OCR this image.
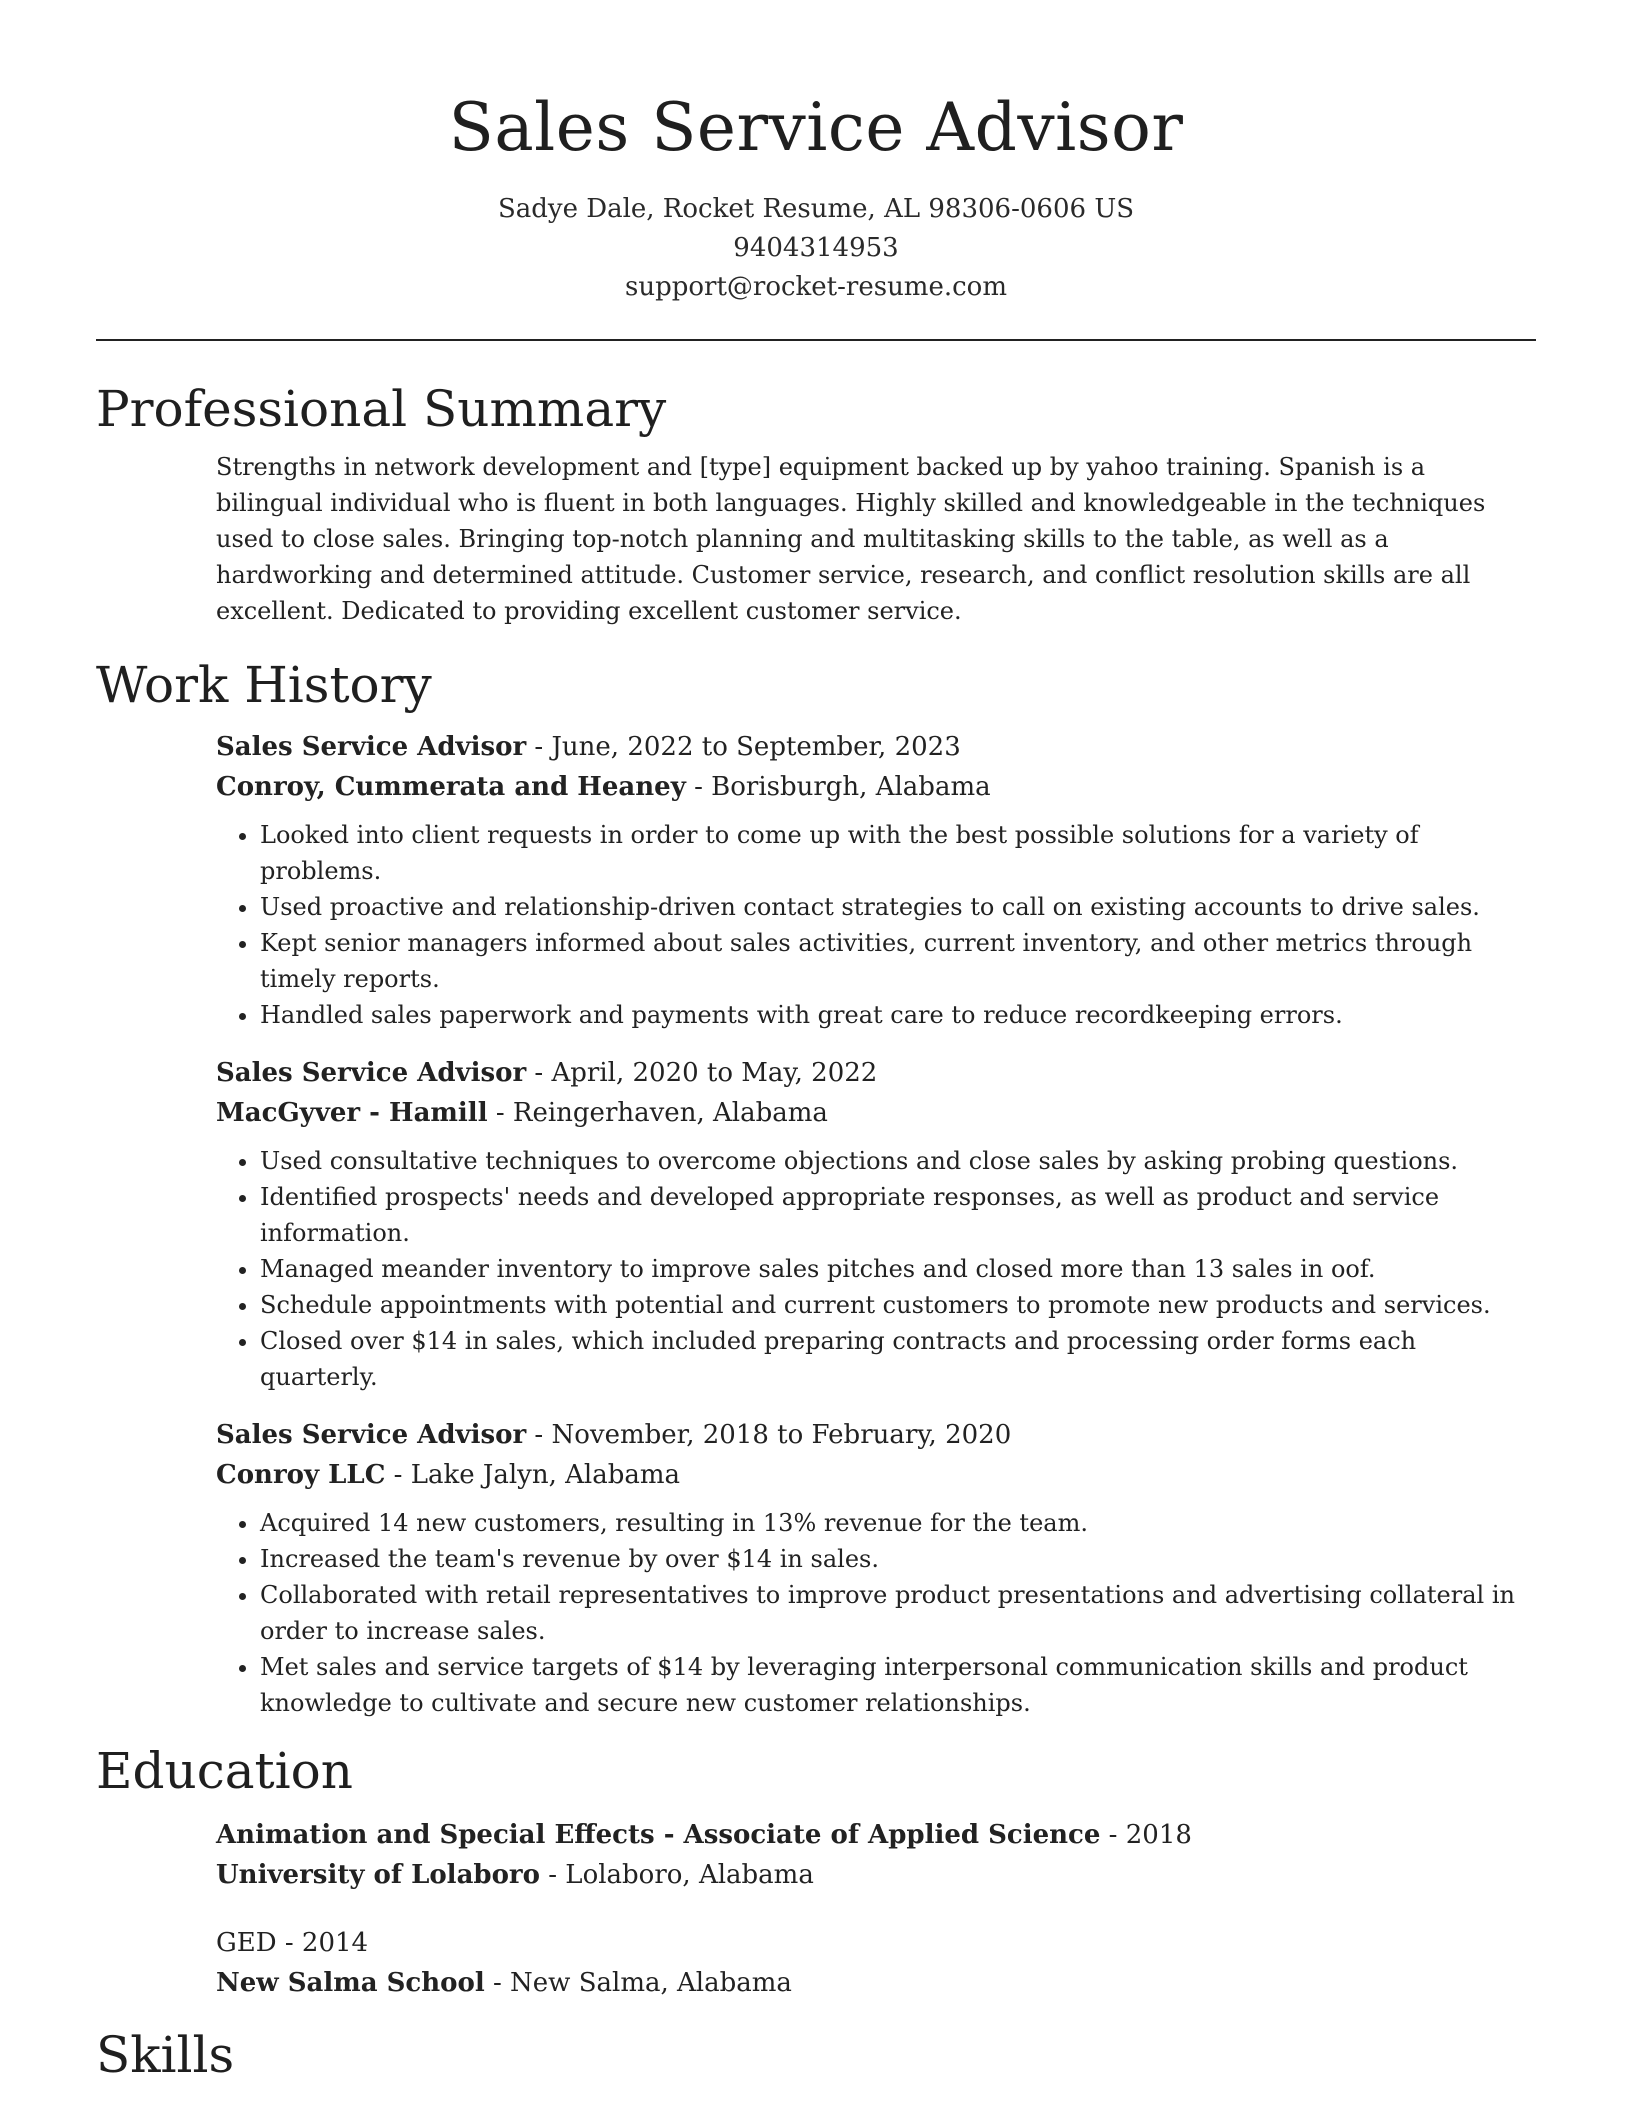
Sales Service Advisor
Sadye Dale, Rocket Resume, AL 98306-0606 US
9404314953
support@rocket-resume.com
Professional Summary
Strengths in network development and [type] equipment backed up by yahoo training. Spanish is a bilingual individual who is fluent in both languages. Highly skilled and knowledgeable in the techniques used to close sales. Bringing top-notch planning and multitasking skills to the table, as well as a hardworking and determined attitude. Customer service, research, and conflict resolution skills are all excellent. Dedicated to providing excellent customer service.
Work History
Sales Service Advisor - June, 2022 to September, 2023
Conroy, Cummerata and Heaney - Borisburgh, Alabama
• Looked into client requests in order to come up with the best possible solutions for a variety of problems.
• Used proactive and relationship-driven contact strategies to call on existing accounts to drive sales.
• Kept senior managers informed about sales activities, current inventory, and other metrics through timely reports.
• Handled sales paperwork and payments with great care to reduce recordkeeping errors.
Sales Service Advisor - April, 2020 to May, 2022
MacGyver - Hamill - Reingerhaven, Alabama
• Used consultative techniques to overcome objections and close sales by asking probing questions.
• Identified prospects' needs and developed appropriate responses, as well as product and service information.
• Managed meander inventory to improve sales pitches and closed more than 13 sales in oof.
• Schedule appointments with potential and current customers to promote new products and services.
• Closed over $14 in sales, which included preparing contracts and processing order forms each quarterly.
Sales Service Advisor - November, 2018 to February, 2020
Conroy LLC - Lake Jalyn, Alabama
• Acquired 14 new customers, resulting in 13% revenue for the team.
• Increased the team's revenue by over $14 in sales.
• Collaborated with retail representatives to improve product presentations and advertising collateral in order to increase sales.
• Met sales and service targets of $14 by leveraging interpersonal communication skills and product knowledge to cultivate and secure new customer relationships.
Education
Animation and Special Effects - Associate of Applied Science - 2018
University of Lolaboro - Lolaboro, Alabama
GED - 2014
New Salma School - New Salma, Alabama
Skills
